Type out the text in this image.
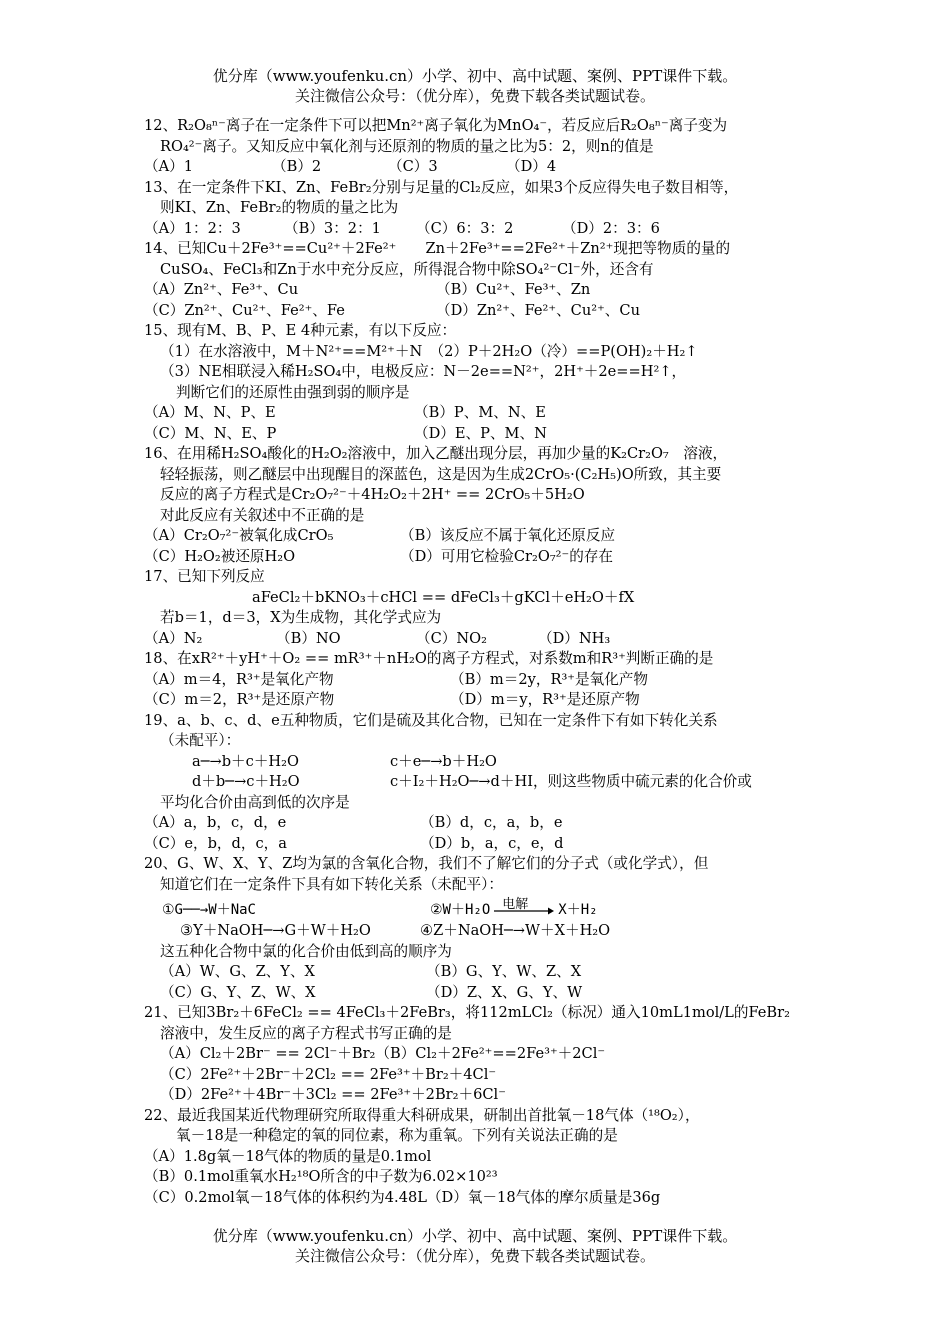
优分库（www.youfenku.cn）小学、初中、高中试题、案例、PPT课件下载。
关注微信公众号：（优分库），免费下载各类试题试卷。
12、R₂O₈ⁿ⁻离子在一定条件下可以把Mn²⁺离子氧化为MnO₄⁻，若反应后R₂O₈ⁿ⁻离子变为
RO₄²⁻离子。又知反应中氧化剂与还原剂的物质的量之比为5：2，则n的值是
（A）1	（B）2	（C）3	（D）4
13、在一定条件下KI、Zn、FeBr₂分别与足量的Cl₂反应，如果3个反应得失电子数目相等，
则KI、Zn、FeBr₂的物质的量之比为
（A）1：2：3	（B）3：2：1 （C）6：3：2	（D）2：3：6
14、已知Cu＋2Fe³⁺==Cu²⁺＋2Fe²⁺　　Zn＋2Fe³⁺==2Fe²⁺＋Zn²⁺现把等物质的量的
CuSO₄、FeCl₃和Zn于水中充分反应，所得混合物中除SO₄²⁻Cl⁻外，还含有
（A）Zn²⁺、Fe³⁺、Cu	（B）Cu²⁺、Fe³⁺、Zn
（C）Zn²⁺、Cu²⁺、Fe²⁺、Fe	（D）Zn²⁺、Fe²⁺、Cu²⁺、Cu
15、现有M、B、P、E 4种元素，有以下反应：
（1）在水溶液中，M＋N²⁺==M²⁺＋N　（2）P＋2H₂O（冷）==P(OH)₂＋H₂↑
（3）NE相联浸入稀H₂SO₄中，电极反应：N－2e==N²⁺，2H⁺＋2e==H²↑，
判断它们的还原性由强到弱的顺序是
（A）M、N、P、E	（B）P、M、N、E
（C）M、N、E、P	（D）E、P、M、N
16、在用稀H₂SO₄酸化的H₂O₂溶液中，加入乙醚出现分层，再加少量的K₂Cr₂O₇　溶液，
轻轻振荡，则乙醚层中出现醒目的深蓝色，这是因为生成2CrO₅·(C₂H₅)O所致，其主要
反应的离子方程式是Cr₂O₇²⁻＋4H₂O₂＋2H⁺ == 2CrO₅＋5H₂O
对此反应有关叙述中不正确的是
（A）Cr₂O₇²⁻被氧化成CrO₅	（B）该反应不属于氧化还原反应
（C）H₂O₂被还原H₂O	（D）可用它检验Cr₂O₇²⁻的存在
17、已知下列反应
aFeCl₂＋bKNO₃＋cHCl == dFeCl₃＋gKCl＋eH₂O＋fX
若b＝1，d＝3，X为生成物，其化学式应为
（A）N₂	（B）NO	（C）NO₂	（D）NH₃
18、在xR²⁺＋yH⁺＋O₂ == mR³⁺＋nH₂O的离子方程式，对系数m和R³⁺判断正确的是
（A）m＝4，R³⁺是氧化产物	（B）m＝2y，R³⁺是氧化产物
（C）m＝2，R³⁺是还原产物	（D）m＝y，R³⁺是还原产物
19、a、b、c、d、e五种物质，它们是硫及其化合物，已知在一定条件下有如下转化关系
（未配平）：
a─→b＋c＋H₂O	c＋e─→b＋H₂O
d＋b─→c＋H₂O	c＋I₂＋H₂O─→d＋HI，则这些物质中硫元素的化合价或
平均化合价由高到低的次序是
（A）a，b，c，d，e	（B）d，c，a，b，e
（C）e，b，d，c，a	（D）b，a，c，e，d
20、G、W、X、Y、Z均为氯的含氧化合物，我们不了解它们的分子式（或化学式），但
知道它们在一定条件下具有如下转化关系（未配平）：
①G──→W＋NaC	②W＋H₂O 电解 X＋H₂
③Y＋NaOH─→G＋W＋H₂O	④Z＋NaOH─→W＋X＋H₂O
这五种化合物中氯的化合价由低到高的顺序为
（A）W、G、Z、Y、X	（B）G、Y、W、Z、X
（C）G、Y、Z、W、X	（D）Z、X、G、Y、W
21、已知3Br₂＋6FeCl₂ == 4FeCl₃＋2FeBr₃，将112mLCl₂（标况）通入10mL1mol/L的FeBr₂
溶液中，发生反应的离子方程式书写正确的是
（A）Cl₂＋2Br⁻ == 2Cl⁻＋Br₂（B）Cl₂＋2Fe²⁺==2Fe³⁺＋2Cl⁻
（C）2Fe²⁺＋2Br⁻＋2Cl₂ == 2Fe³⁺＋Br₂＋4Cl⁻
（D）2Fe²⁺＋4Br⁻＋3Cl₂ == 2Fe³⁺＋2Br₂＋6Cl⁻
22、最近我国某近代物理研究所取得重大科研成果，研制出首批氧－18气体（¹⁸O₂），
氧－18是一种稳定的氧的同位素，称为重氧。下列有关说法正确的是
（A）1.8g氧－18气体的物质的量是0.1mol
（B）0.1mol重氧水H₂¹⁸O所含的中子数为6.02×10²³
（C）0.2mol氧－18气体的体积约为4.48L（D）氧－18气体的摩尔质量是36g
优分库（www.youfenku.cn）小学、初中、高中试题、案例、PPT课件下载。
关注微信公众号：（优分库），免费下载各类试题试卷。
